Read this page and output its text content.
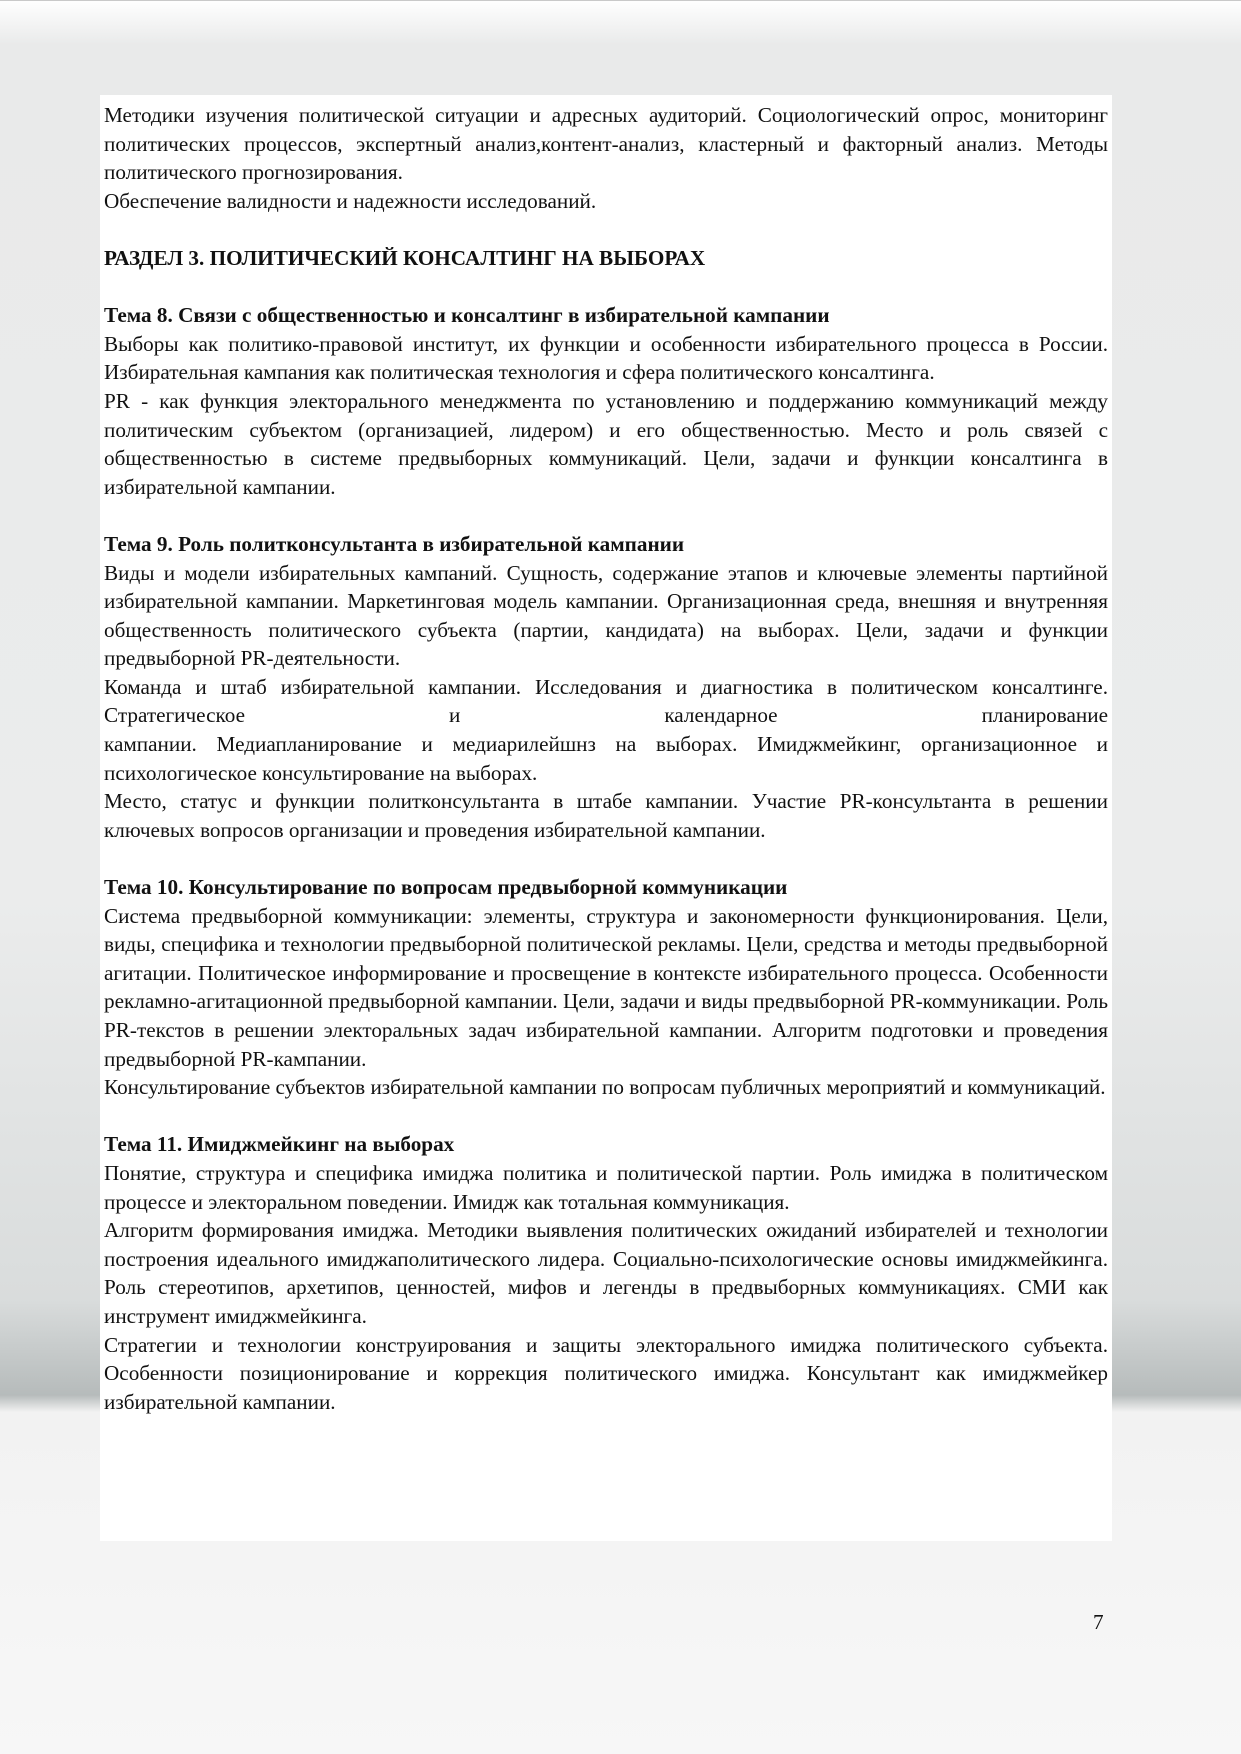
Методики изучения политической ситуации и адресных аудиторий. Социологический опрос, мониторинг политических процессов, экспертный анализ,контент-анализ, кластерный и факторный анализ. Методы политического прогнозирования.

Обеспечение валидности и надежности исследований.

РАЗДЕЛ 3. ПОЛИТИЧЕСКИЙ КОНСАЛТИНГ НА ВЫБОРАХ
Тема 8. Связи с общественностью и консалтинг в избирательной кампании

Выборы как политико-правовой институт, их функции и особенности избирательного процесса в России. Избирательная кампания как политическая технология и сфера политического консалтинга.

PR - как функция электорального менеджмента по установлению и поддержанию коммуникаций между политическим субъектом (организацией, лидером) и его общественностью. Место и роль связей с общественностью в системе предвыборных коммуникаций. Цели, задачи и функции консалтинга в избирательной кампании.

Тема 9. Роль политконсультанта в избирательной кампании

Виды и модели избирательных кампаний. Сущность, содержание этапов и ключевые элементы партийной избирательной кампании. Маркетинговая модель кампании. Организационная среда, внешняя и внутренняя общественность политического субъекта (партии, кандидата) на выборах. Цели, задачи и функции предвыборной PR-деятельности.

Команда и штаб избирательной кампании. Исследования и диагностика в политическом консалтинге. Стратегическое и календарное планирование

кампании. Медиапланирование и медиарилейшнз на выборах. Имиджмейкинг, организационное и психологическое консультирование на выборах.

Место, статус и функции политконсультанта в штабе кампании. Участие PR-консультанта в решении ключевых вопросов организации и проведения избирательной кампании.

Тема 10. Консультирование по вопросам предвыборной коммуникации

Система предвыборной коммуникации: элементы, структура и закономерности функционирования. Цели, виды, специфика и технологии предвыборной политической рекламы. Цели, средства и методы предвыборной агитации. Политическое информирование и просвещение в контексте избирательного процесса. Особенности рекламно-агитационной предвыборной кампании. Цели, задачи и виды предвыборной PR-коммуникации. Роль PR-текстов в решении электоральных задач избирательной кампании. Алгоритм подготовки и проведения предвыборной PR-кампании.

Консультирование субъектов избирательной кампании по вопросам публичных мероприятий и коммуникаций.

Тема 11. Имиджмейкинг на выборах

Понятие, структура и специфика имиджа политика и политической партии. Роль имиджа в политическом процессе и электоральном поведении. Имидж как тотальная коммуникация.

Алгоритм формирования имиджа. Методики выявления политических ожиданий избирателей и технологии построения идеального имиджаполитического лидера. Социально-психологические основы имиджмейкинга. Роль стереотипов, архетипов, ценностей, мифов и легенды в предвыборных коммуникациях. СМИ как инструмент имиджмейкинга.

Стратегии и технологии конструирования и защиты электорального имиджа политического субъекта. Особенности позиционирование и коррекция политического имиджа. Консультант как имиджмейкер избирательной кампании.

7
